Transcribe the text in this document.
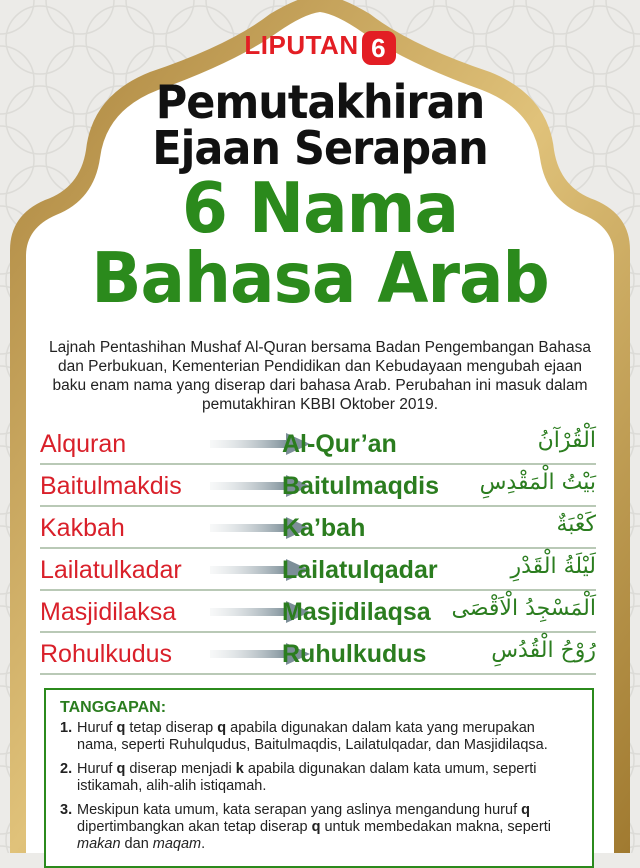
LIPUTAN 6
Pemutakhiran
Ejaan Serapan
6 Nama
Bahasa Arab
Lajnah Pentashihan Mushaf Al-Quran bersama Badan Pengembangan Bahasa dan Perbukuan, Kementerian Pendidikan dan Kebudayaan mengubah ejaan baku enam nama yang diserap dari bahasa Arab. Perubahan ini masuk dalam pemutakhiran KBBI Oktober 2019.
Alquran	Al-Qur’an	اَلْقُرْآنُ
Baitulmakdis	Baitulmaqdis بَيْتُ الْمَقْدِسِ
Kakbah	Ka’bah	كَعْبَةٌ
Lailatulkadar	Lailatulqadar	لَيْلَةُ الْقَدْرِ
Masjidilaksa	Masjidilaqsa اَلْمَسْجِدُ الْاَقْصَى
Rohulkudus	Ruhulkudus	رُوْحُ الْقُدُسِ
TANGGAPAN:
1. Huruf q tetap diserap q apabila digunakan dalam kata yang merupakan nama, seperti Ruhulqudus, Baitulmaqdis, Lailatulqadar, dan Masjidilaqsa.
2. Huruf q diserap menjadi k apabila digunakan dalam kata umum, seperti istikamah, alih-alih istiqamah.
3. Meskipun kata umum, kata serapan yang aslinya mengandung huruf q dipertimbangkan akan tetap diserap q untuk membedakan makna, seperti makan dan maqam.
